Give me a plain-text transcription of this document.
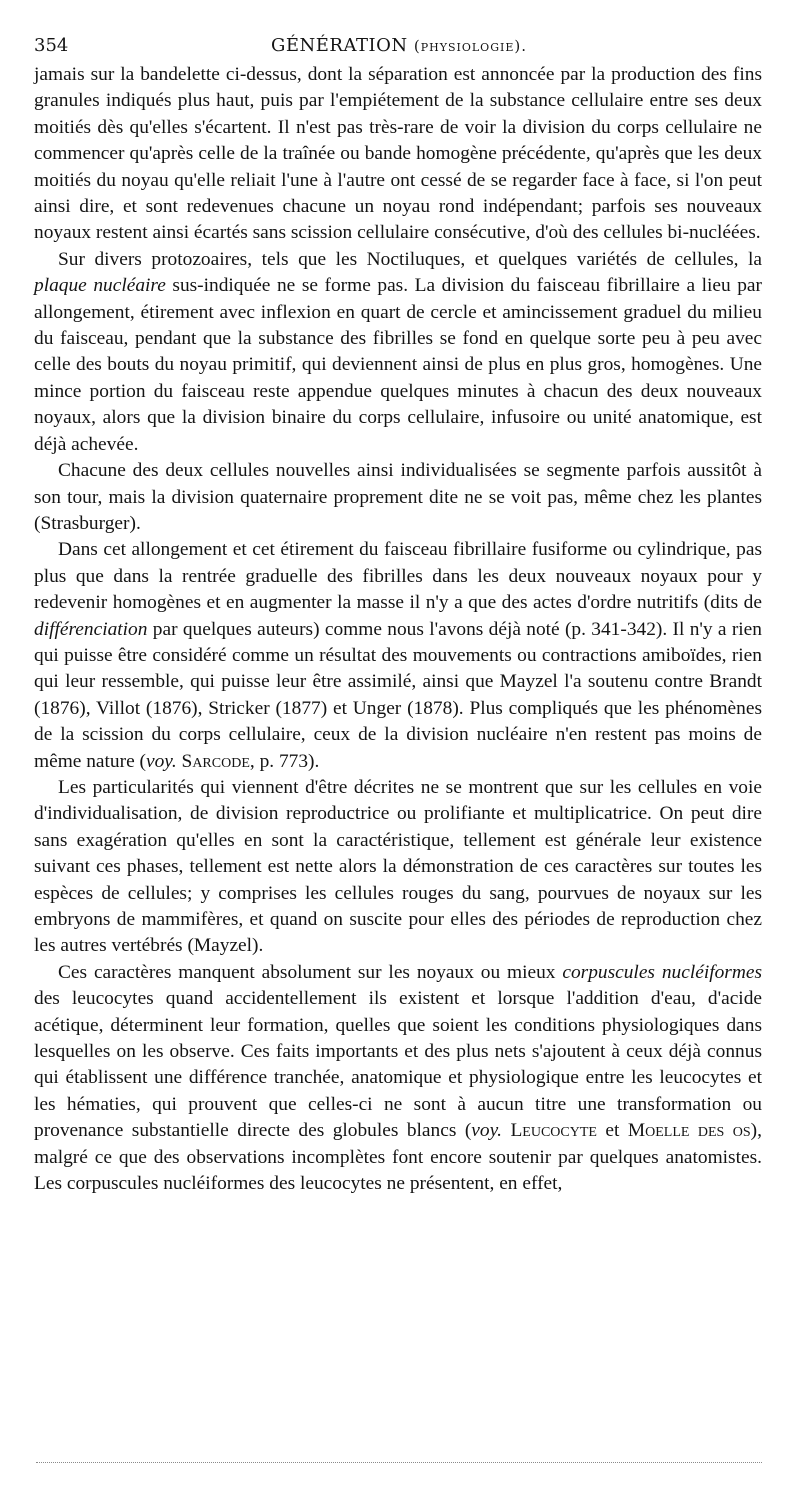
354	GÉNÉRATION (physiologie).

jamais sur la bandelette ci-dessus, dont la séparation est annoncée par la production des fins granules indiqués plus haut, puis par l'empiétement de la substance cellulaire entre ses deux moitiés dès qu'elles s'écartent. Il n'est pas très-rare de voir la division du corps cellulaire ne commencer qu'après celle de la traînée ou bande homogène précédente, qu'après que les deux moitiés du noyau qu'elle reliait l'une à l'autre ont cessé de se regarder face à face, si l'on peut ainsi dire, et sont redevenues chacune un noyau rond indépendant; parfois ses nouveaux noyaux restent ainsi écartés sans scission cellulaire consécutive, d'où des cellules bi-nucléées.

Sur divers protozoaires, tels que les Noctiluques, et quelques variétés de cellules, la plaque nucléaire sus-indiquée ne se forme pas. La division du faisceau fibrillaire a lieu par allongement, étirement avec inflexion en quart de cercle et amincissement graduel du milieu du faisceau, pendant que la substance des fibrilles se fond en quelque sorte peu à peu avec celle des bouts du noyau primitif, qui deviennent ainsi de plus en plus gros, homogènes. Une mince portion du faisceau reste appendue quelques minutes à chacun des deux nouveaux noyaux, alors que la division binaire du corps cellulaire, infusoire ou unité anatomique, est déjà achevée.

Chacune des deux cellules nouvelles ainsi individualisées se segmente parfois aussitôt à son tour, mais la division quaternaire proprement dite ne se voit pas, même chez les plantes (Strasburger).

Dans cet allongement et cet étirement du faisceau fibrillaire fusiforme ou cylindrique, pas plus que dans la rentrée graduelle des fibrilles dans les deux nouveaux noyaux pour y redevenir homogènes et en augmenter la masse il n'y a que des actes d'ordre nutritifs (dits de différenciation par quelques auteurs) comme nous l'avons déjà noté (p. 341-342). Il n'y a rien qui puisse être considéré comme un résultat des mouvements ou contractions amiboïdes, rien qui leur ressemble, qui puisse leur être assimilé, ainsi que Mayzel l'a soutenu contre Brandt (1876), Villot (1876), Stricker (1877) et Unger (1878). Plus compliqués que les phénomènes de la scission du corps cellulaire, ceux de la division nucléaire n'en restent pas moins de même nature (voy. Sarcode, p. 773).

Les particularités qui viennent d'être décrites ne se montrent que sur les cellules en voie d'individualisation, de division reproductrice ou prolifiante et multiplicatrice. On peut dire sans exagération qu'elles en sont la caractéristique, tellement est générale leur existence suivant ces phases, tellement est nette alors la démonstration de ces caractères sur toutes les espèces de cellules; y comprises les cellules rouges du sang, pourvues de noyaux sur les embryons de mammifères, et quand on suscite pour elles des périodes de reproduction chez les autres vertébrés (Mayzel).

Ces caractères manquent absolument sur les noyaux ou mieux corpuscules nucléiformes des leucocytes quand accidentellement ils existent et lorsque l'addition d'eau, d'acide acétique, déterminent leur formation, quelles que soient les conditions physiologiques dans lesquelles on les observe. Ces faits importants et des plus nets s'ajoutent à ceux déjà connus qui établissent une différence tranchée, anatomique et physiologique entre les leucocytes et les hématies, qui prouvent que celles-ci ne sont à aucun titre une transformation ou provenance substantielle directe des globules blancs (voy. Leucocyte et Moelle des os), malgré ce que des observations incomplètes font encore soutenir par quelques anatomistes. Les corpuscules nucléiformes des leucocytes ne présentent, en effet,
